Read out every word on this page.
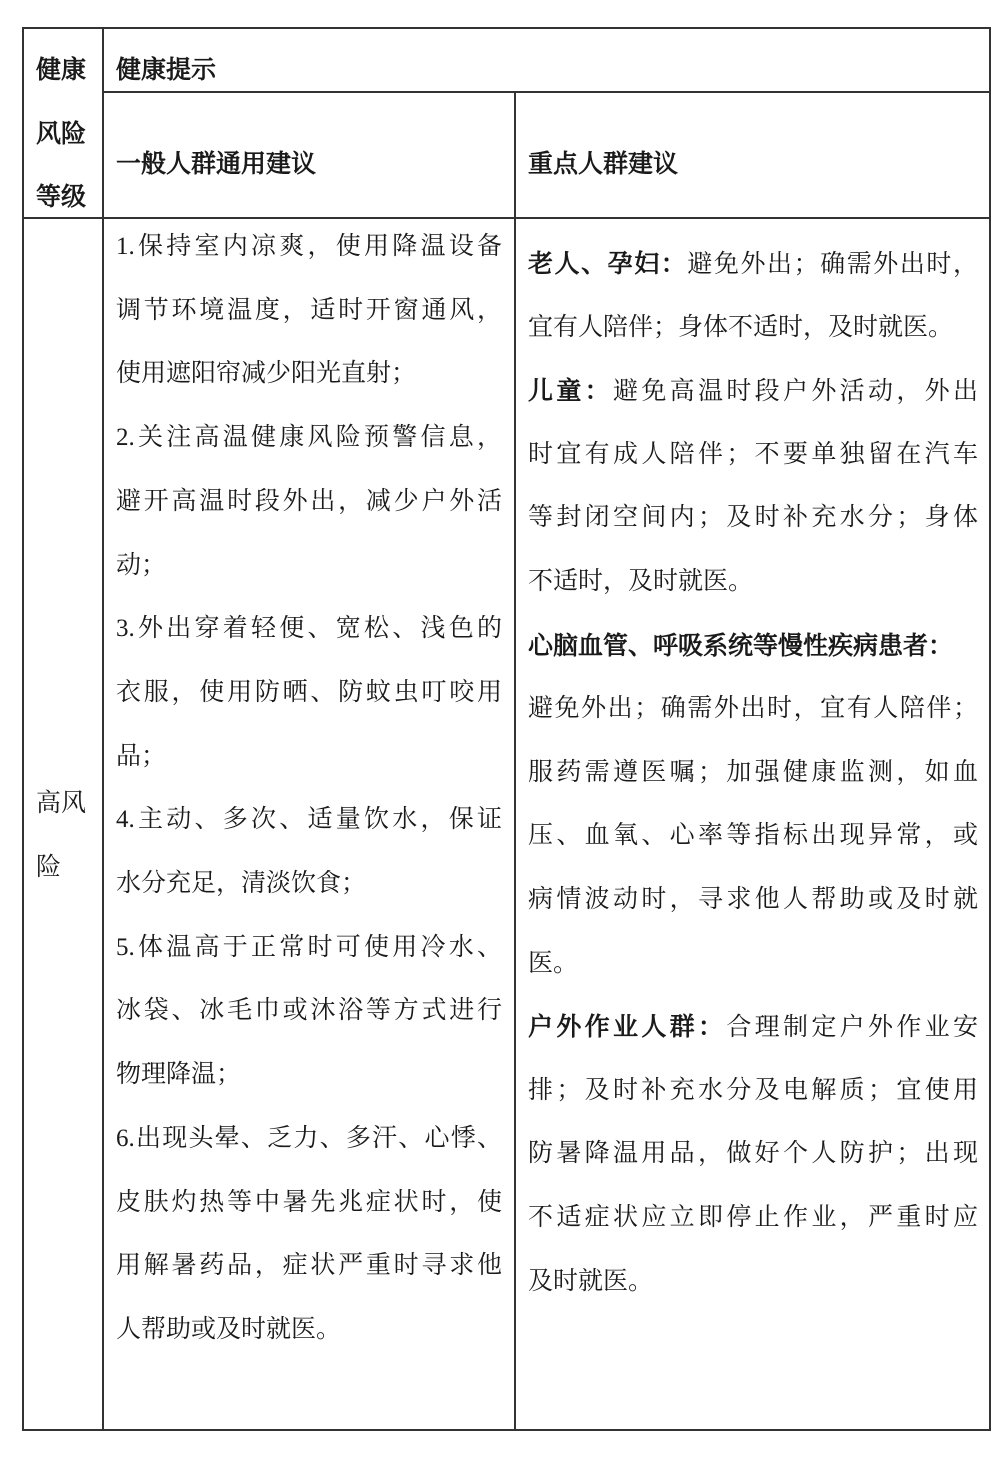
健康
风险
等级
健康提示
一般人群通用建议	重点人群建议
高风
险
1.保持室内凉爽，使用降温设备
调节环境温度，适时开窗通风，
使用遮阳帘减少阳光直射；
2.关注高温健康风险预警信息，
避开高温时段外出，减少户外活
动；
3.外出穿着轻便、宽松、浅色的
衣服，使用防晒、防蚊虫叮咬用
品；
4.主动、多次、适量饮水，保证
水分充足，清淡饮食；
5.体温高于正常时可使用冷水、
冰袋、冰毛巾或沐浴等方式进行
物理降温；
6.出现头晕、乏力、多汗、心悸、
皮肤灼热等中暑先兆症状时，使
用解暑药品，症状严重时寻求他
人帮助或及时就医。
老人、孕妇：避免外出；确需外出时，
宜有人陪伴；身体不适时，及时就医。
儿童：避免高温时段户外活动，外出
时宜有成人陪伴；不要单独留在汽车
等封闭空间内；及时补充水分；身体
不适时，及时就医。
心脑血管、呼吸系统等慢性疾病患者：
避免外出；确需外出时，宜有人陪伴；
服药需遵医嘱；加强健康监测，如血
压、血氧、心率等指标出现异常，或
病情波动时，寻求他人帮助或及时就
医。
户外作业人群：合理制定户外作业安
排；及时补充水分及电解质；宜使用
防暑降温用品，做好个人防护；出现
不适症状应立即停止作业，严重时应
及时就医。
